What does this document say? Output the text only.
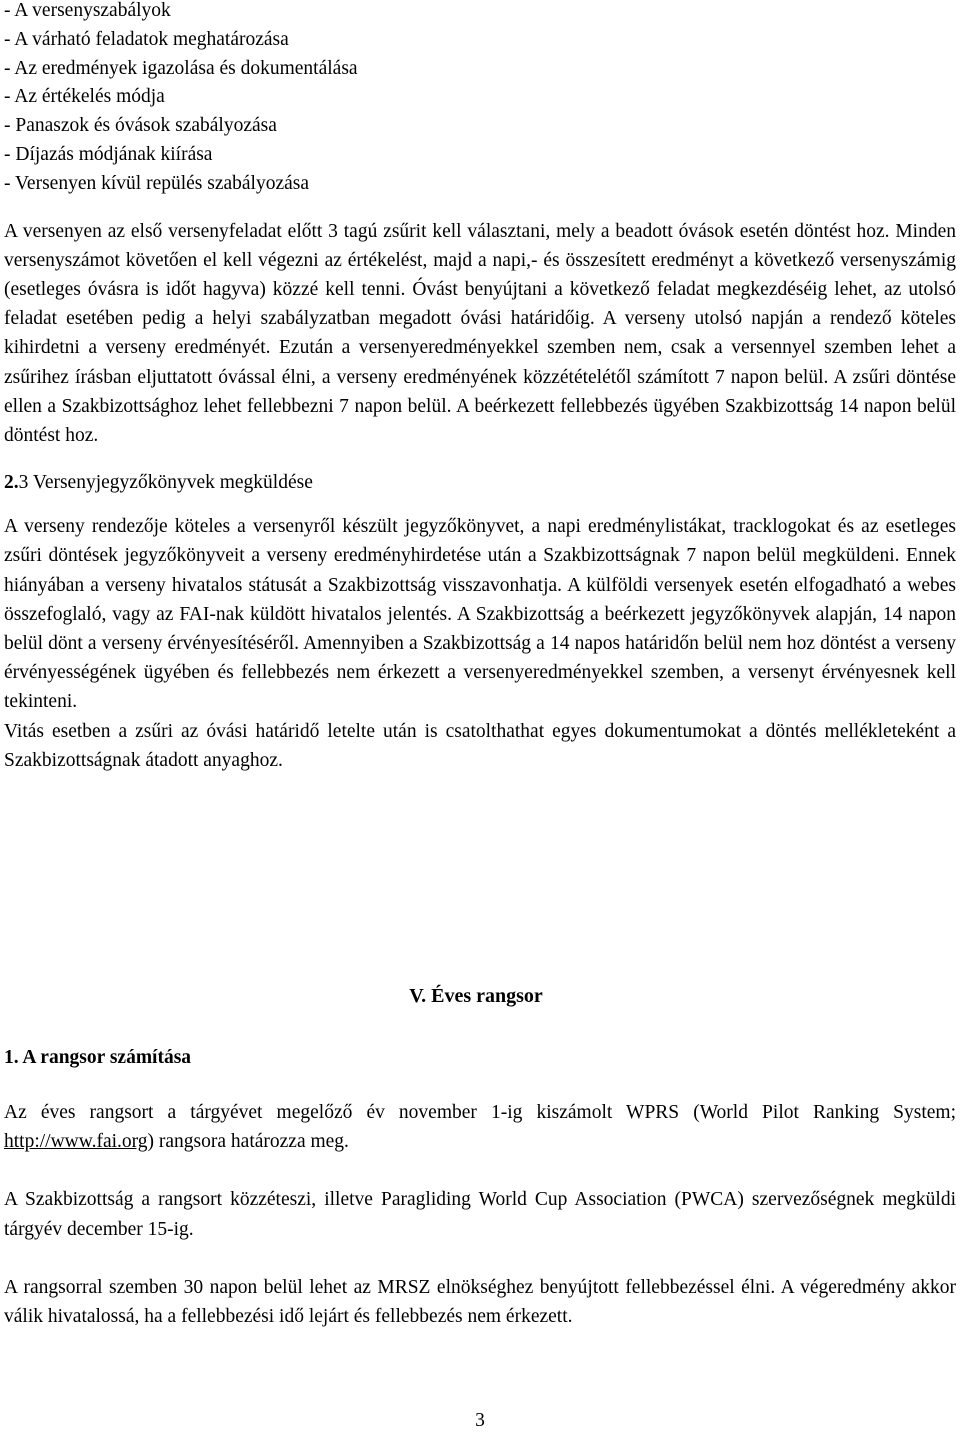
- A versenyszabályok
- A várható feladatok meghatározása
- Az eredmények igazolása és dokumentálása
- Az értékelés módja
- Panaszok és óvások szabályozása
- Díjazás módjának kiírása
- Versenyen kívül repülés szabályozása

A versenyen az első versenyfeladat előtt 3 tagú zsűrit kell választani, mely a beadott óvások esetén döntést hoz. Minden versenyszámot követően el kell végezni az értékelést, majd a napi,- és összesített eredményt a következő versenyszámig (esetleges óvásra is időt hagyva) közzé kell tenni. Óvást benyújtani a következő feladat megkezdéséig lehet, az utolsó feladat esetében pedig a helyi szabályzatban megadott óvási határidőig. A verseny utolsó napján a rendező köteles kihirdetni a verseny eredményét. Ezután a versenyeredményekkel szemben nem, csak a versennyel szemben lehet a zsűrihez írásban eljuttatott óvással élni, a verseny eredményének közzétételétől számított 7 napon belül. A zsűri döntése ellen a Szakbizottsághoz lehet fellebbezni 7 napon belül. A beérkezett fellebbezés ügyében Szakbizottság 14 napon belül döntést hoz.

2.3 Versenyjegyzőkönyvek megküldése

A verseny rendezője köteles a versenyről készült jegyzőkönyvet, a napi eredménylistákat, tracklogokat és az esetleges zsűri döntések jegyzőkönyveit a verseny eredményhirdetése után a Szakbizottságnak 7 napon belül megküldeni. Ennek hiányában a verseny hivatalos státusát a Szakbizottság visszavonhatja. A külföldi versenyek esetén elfogadható a webes összefoglaló, vagy az FAI-nak küldött hivatalos jelentés. A Szakbizottság a beérkezett jegyzőkönyvek alapján, 14 napon belül dönt a verseny érvényesítéséről. Amennyiben a Szakbizottság a 14 napos határidőn belül nem hoz döntést a verseny érvényességének ügyében és fellebbezés nem érkezett a versenyeredményekkel szemben, a versenyt érvényesnek kell tekinteni.

Vitás esetben a zsűri az óvási határidő letelte után is csatolthathat egyes dokumentumokat a döntés mellékleteként a Szakbizottságnak átadott anyaghoz.

V. Éves rangsor
1. A rangsor számítása

Az éves rangsort a tárgyévet megelőző év november 1-ig kiszámolt WPRS (World Pilot Ranking System; http://www.fai.org) rangsora határozza meg.

A Szakbizottság a rangsort közzéteszi, illetve Paragliding World Cup Association (PWCA) szervezőségnek megküldi tárgyév december 15-ig.

A rangsorral szemben 30 napon belül lehet az MRSZ elnökséghez benyújtott fellebbezéssel élni. A végeredmény akkor válik hivatalossá, ha a fellebbezési idő lejárt és fellebbezés nem érkezett.

3
